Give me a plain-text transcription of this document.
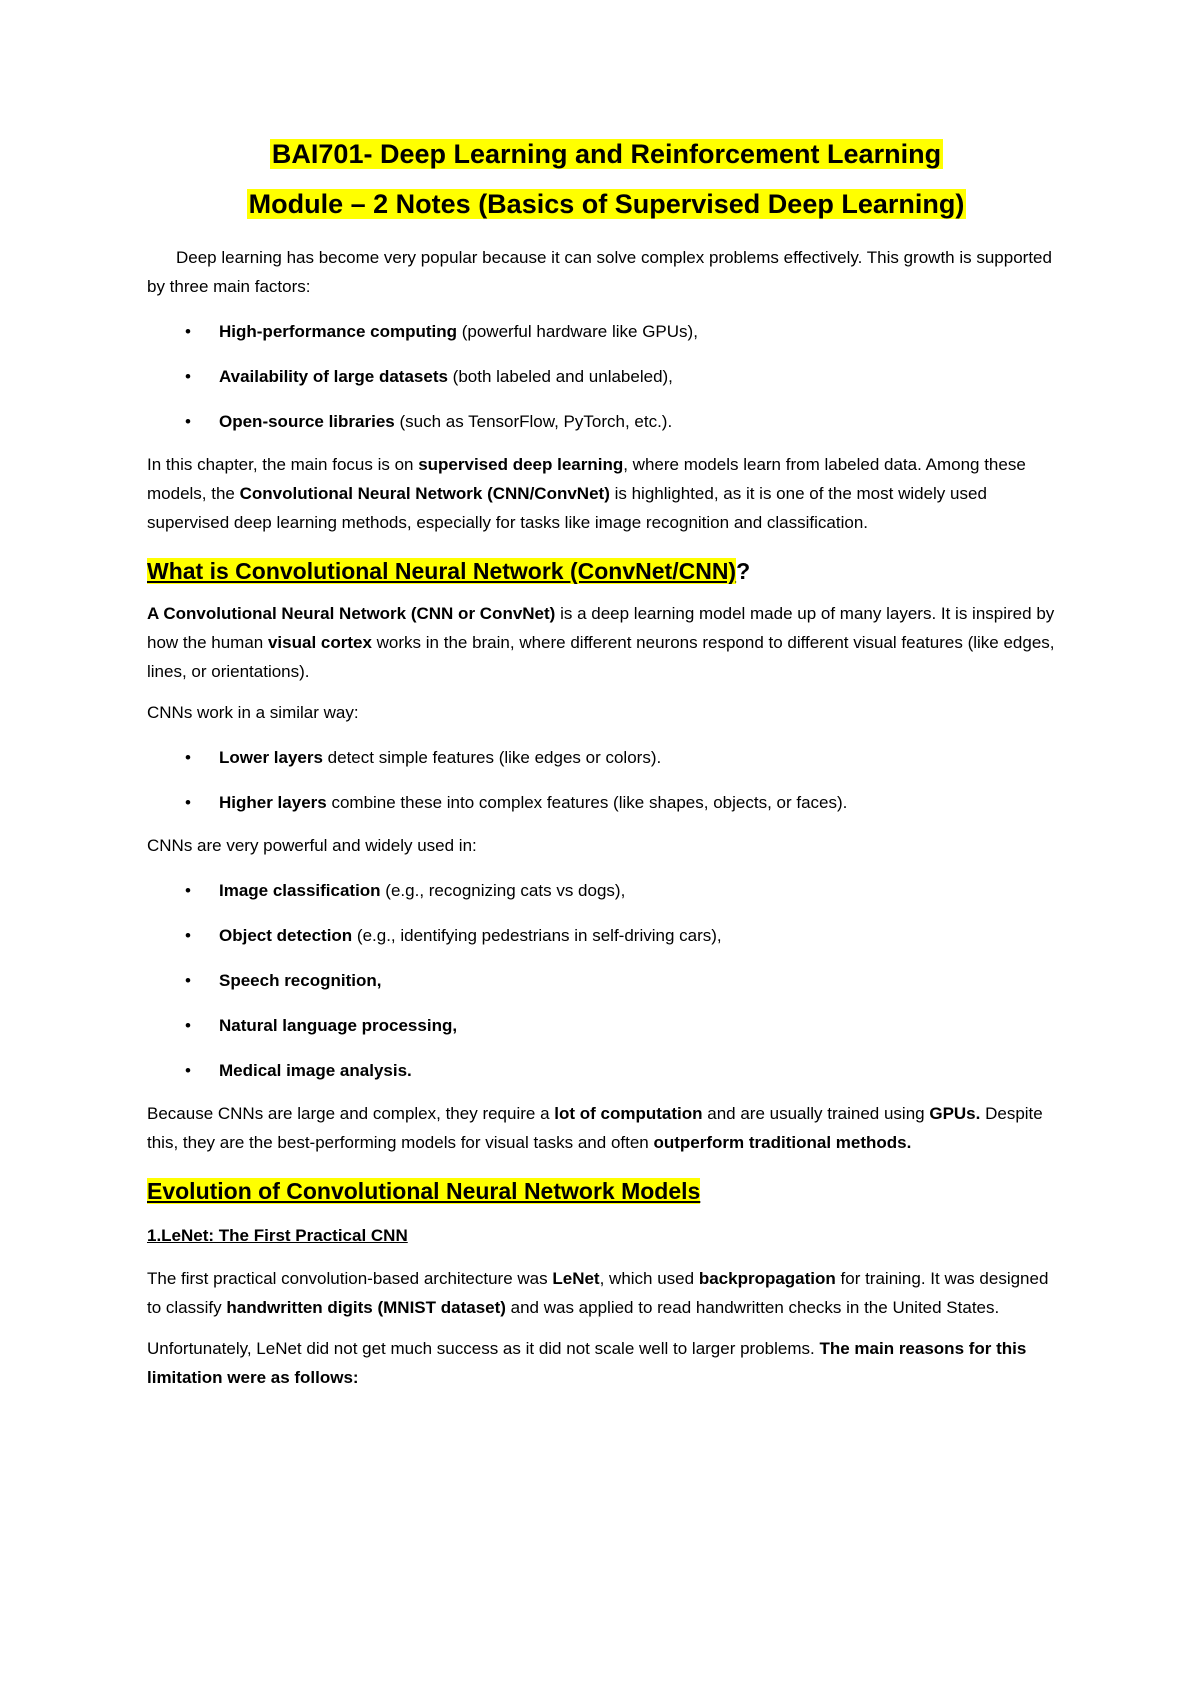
BAI701- Deep Learning and Reinforcement Learning
Module – 2 Notes (Basics of Supervised Deep Learning)

Deep learning has become very popular because it can solve complex problems effectively. This growth is supported by three main factors:

• High-performance computing (powerful hardware like GPUs),
• Availability of large datasets (both labeled and unlabeled),
• Open-source libraries (such as TensorFlow, PyTorch, etc.).

In this chapter, the main focus is on supervised deep learning, where models learn from labeled data. Among these models, the Convolutional Neural Network (CNN/ConvNet) is highlighted, as it is one of the most widely used supervised deep learning methods, especially for tasks like image recognition and classification.

What is Convolutional Neural Network (ConvNet/CNN)?

A Convolutional Neural Network (CNN or ConvNet) is a deep learning model made up of many layers. It is inspired by how the human visual cortex works in the brain, where different neurons respond to different visual features (like edges, lines, or orientations).

CNNs work in a similar way:

• Lower layers detect simple features (like edges or colors).
• Higher layers combine these into complex features (like shapes, objects, or faces).

CNNs are very powerful and widely used in:

• Image classification (e.g., recognizing cats vs dogs),
• Object detection (e.g., identifying pedestrians in self-driving cars),
• Speech recognition,
• Natural language processing,
• Medical image analysis.

Because CNNs are large and complex, they require a lot of computation and are usually trained using GPUs. Despite this, they are the best-performing models for visual tasks and often outperform traditional methods.

Evolution of Convolutional Neural Network Models
1.LeNet: The First Practical CNN

The first practical convolution-based architecture was LeNet, which used backpropagation for training. It was designed to classify handwritten digits (MNIST dataset) and was applied to read handwritten checks in the United States.

Unfortunately, LeNet did not get much success as it did not scale well to larger problems. The main reasons for this limitation were as follows:
